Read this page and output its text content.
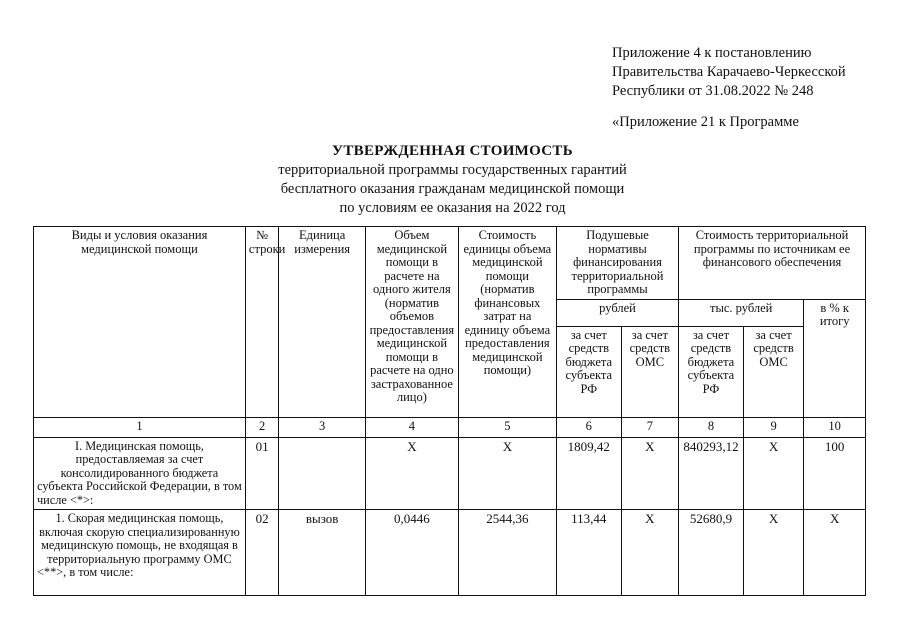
Приложение 4 к постановлению
Правительства Карачаево-Черкесской
Республики от 31.08.2022 № 248
«Приложение 21 к Программе
УТВЕРЖДЕННАЯ СТОИМОСТЬ
территориальной программы государственных гарантий
бесплатного оказания гражданам медицинской помощи
по условиям ее оказания на 2022 год
Виды и условия оказания медицинской помощи	№ строки	Единица измерения	Объем медицинской помощи в расчете на одного жителя (норматив объемов предоставления медицинской помощи в расчете на одно застрахованное лицо)	Стоимость единицы объема медицинской помощи (норматив финансовых затрат на единицу объема предоставления медицинской помощи)	Подушевые нормативы финансирования территориальной программы		Стоимость территориальной программы по источникам ее финансового обеспечения		
					рублей		тыс. рублей		в % к итогу
					за счет средств бюджета субъекта РФ	за счет средств ОМС	за счет средств бюджета субъекта РФ	за счет средств ОМС	
1	2	3	4	5	6	7	8	9	10
I. Медицинская помощь, предоставляемая за счет консолидированного бюджета субъекта Российской Федерации, в том числе <*>:	01		Х	Х	1809,42	Х	840293,12	Х	100
1. Скорая медицинская помощь, включая скорую специализированную медицинскую помощь, не входящая в территориальную программу ОМС <**>, в том числе:	02	вызов	0,0446	2544,36	113,44	Х	52680,9	Х	Х
